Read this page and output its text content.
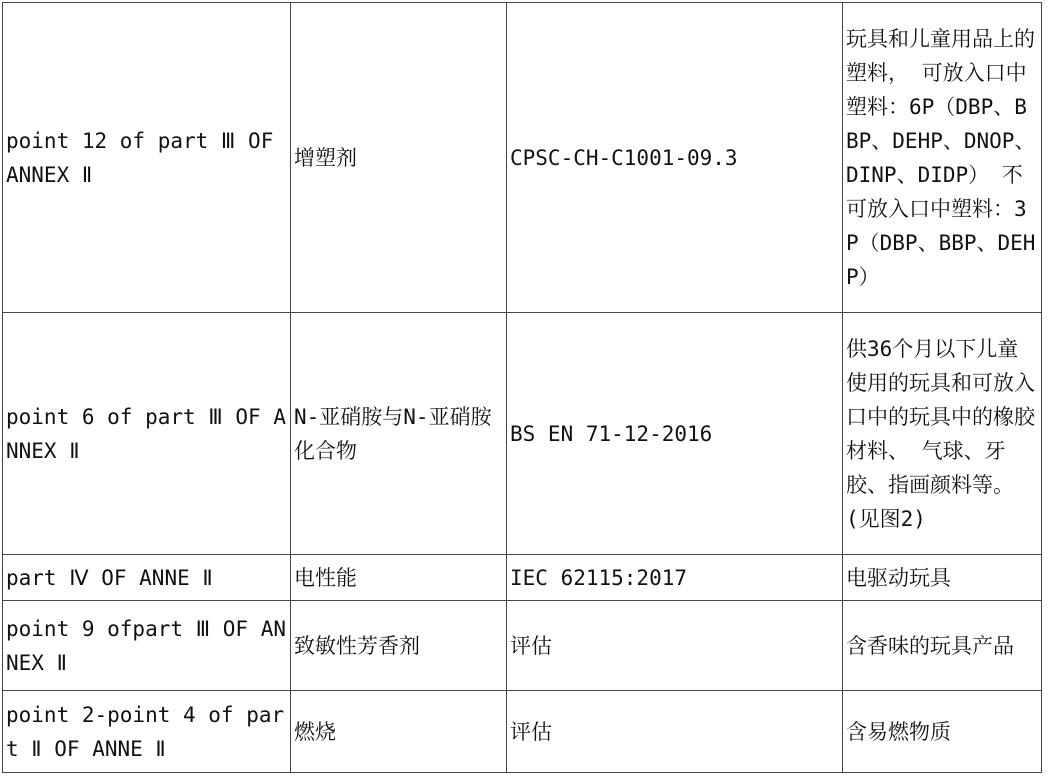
point 12 of part Ⅲ OF ANNEX Ⅱ	增塑剂	CPSC-CH-C1001-09.3	玩具和儿童用品上的塑料， 可放入口中塑料：6P（DBP、BBP、DEHP、DNOP、DINP、DIDP） 不可放入口中塑料：3P（DBP、BBP、DEHP）

point 6 of part Ⅲ OF ANNEX Ⅱ	N-亚硝胺与N-亚硝胺化合物	BS EN 71-12-2016	供36个月以下儿童使用的玩具和可放入口中的玩具中的橡胶材料、 气球、牙胶、指画颜料等。(见图2)

part Ⅳ OF ANNE Ⅱ	电性能	IEC 62115:2017	电驱动玩具

point 9 ofpart Ⅲ OF ANNEX Ⅱ	致敏性芳香剂	评估	含香味的玩具产品

point 2-point 4 of part Ⅱ OF ANNE Ⅱ	燃烧	评估	含易燃物质
